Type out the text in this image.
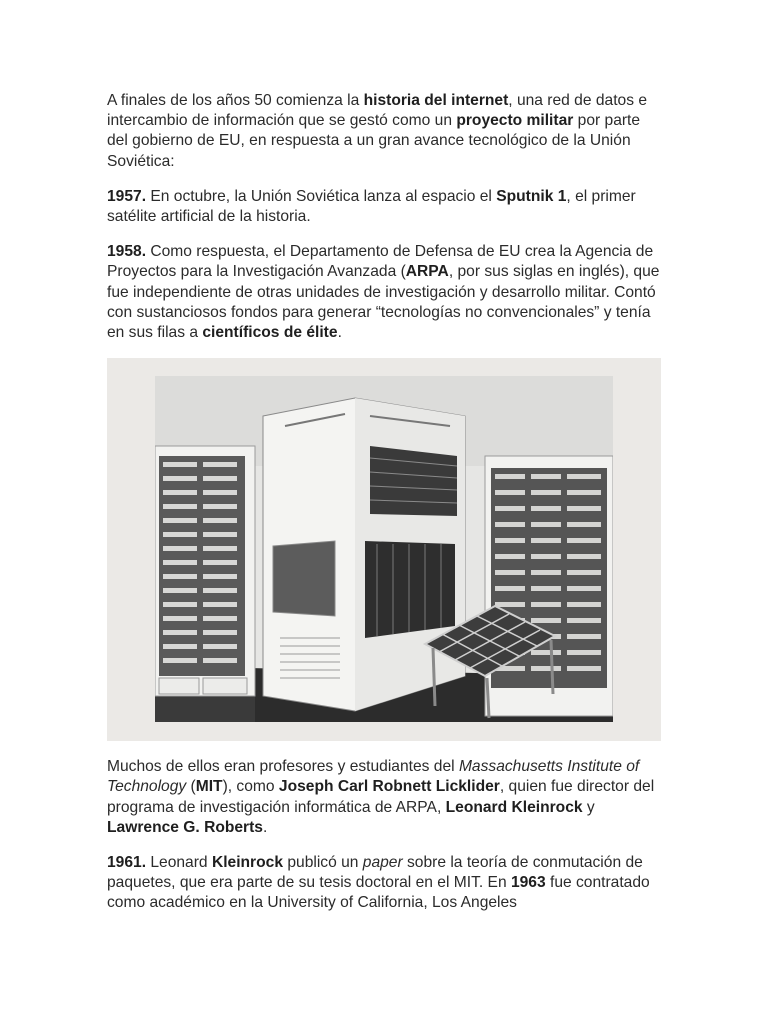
A finales de los años 50 comienza la historia del internet, una red de datos e intercambio de información que se gestó como un proyecto militar por parte del gobierno de EU, en respuesta a un gran avance tecnológico de la Unión Soviética:

1957. En octubre, la Unión Soviética lanza al espacio el Sputnik 1, el primer satélite artificial de la historia.

1958. Como respuesta, el Departamento de Defensa de EU crea la Agencia de Proyectos para la Investigación Avanzada (ARPA, por sus siglas en inglés), que fue independiente de otras unidades de investigación y desarrollo militar. Contó con sustanciosos fondos para generar “tecnologías no convencionales” y tenía en sus filas a científicos de élite.

Muchos de ellos eran profesores y estudiantes del Massachusetts Institute of Technology (MIT), como Joseph Carl Robnett Licklider, quien fue director del programa de investigación informática de ARPA, Leonard Kleinrock y Lawrence G. Roberts.

1961. Leonard Kleinrock publicó un paper sobre la teoría de conmutación de paquetes, que era parte de su tesis doctoral en el MIT. En 1963 fue contratado como académico en la University of California, Los Angeles
